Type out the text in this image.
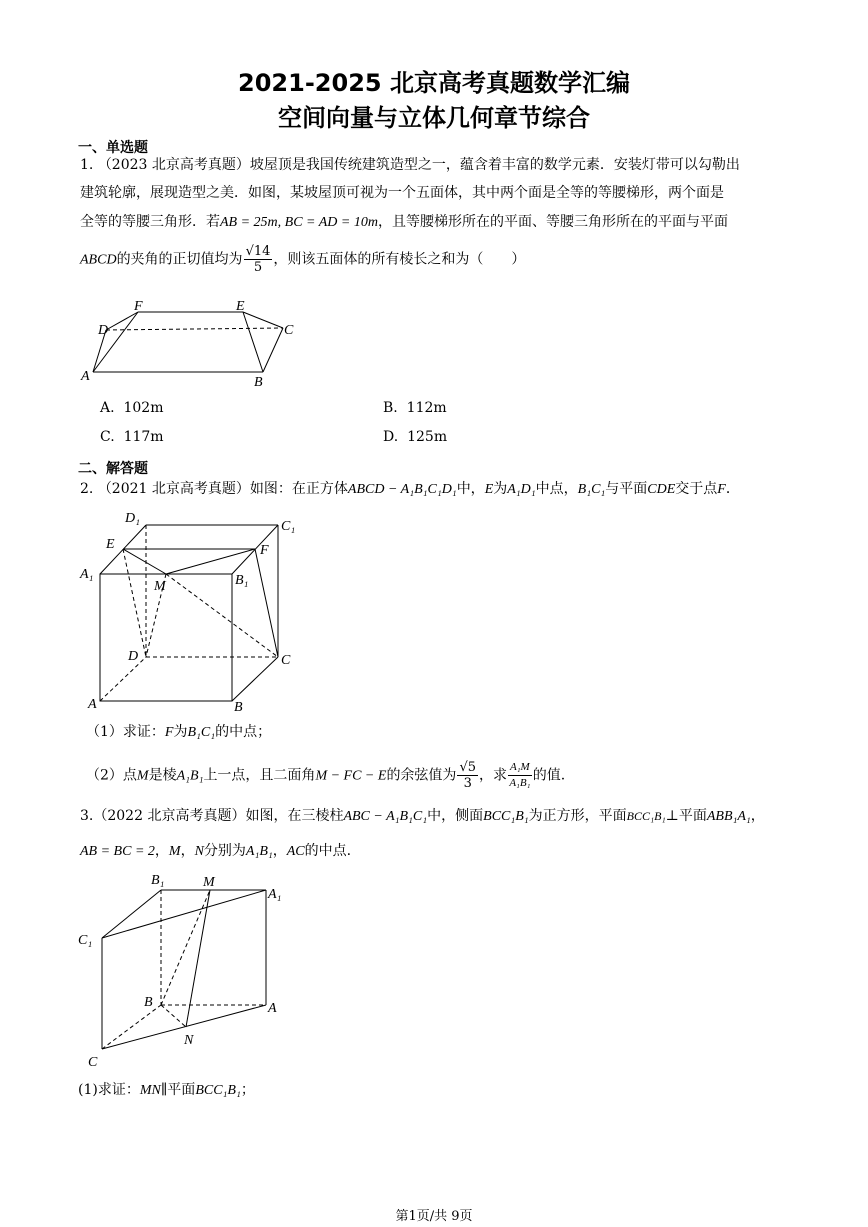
2021-2025 北京高考真题数学汇编
空间向量与立体几何章节综合
一、单选题
1. （2023 北京高考真题）坡屋顶是我国传统建筑造型之一，蕴含着丰富的数学元素．安装灯带可以勾勒出
建筑轮廓，展现造型之美．如图，某坡屋顶可视为一个五面体，其中两个面是全等的等腰梯形，两个面是
全等的等腰三角形．若AB = 25m, BC = AD = 10m，且等腰梯形所在的平面、等腰三角形所在的平面与平面
ABCD的夹角的正切值均为 $\frac{√14}{5}$ ，则该五面体的所有棱长之和为（　　）
F	E
D	C
A	B
A. 102m	B. 112m
C. 117m	D. 125m
二、解答题
2. （2021 北京高考真题）如图：在正方体ABCD − A₁B₁C₁D₁中，E为A₁D₁中点，B₁C₁与平面CDE交于点F．
D₁
C₁
E	F
A₁	B₁
M
D	C
A	B
（1）求证：F为B₁C₁的中点；
（2）点M是棱A₁B₁上一点，且二面角M − FC − E的余弦值为 $\frac{√5}{3}$ ，求 $\frac{\text{A₁M}}{\text{A₁B₁}}$ 的值.
3.（2022 北京高考真题）如图，在三棱柱ABC − A₁B₁C₁中，侧面BCC₁B₁为正方形，平面BCC₁B₁⊥平面ABB₁A₁，
AB = BC = 2，M，N分别为A₁B₁，AC的中点.
B₁	M
A₁
C₁
B	A
N
C
(1)求证：MN∥平面BCC₁B₁；
第1页/共 9页
